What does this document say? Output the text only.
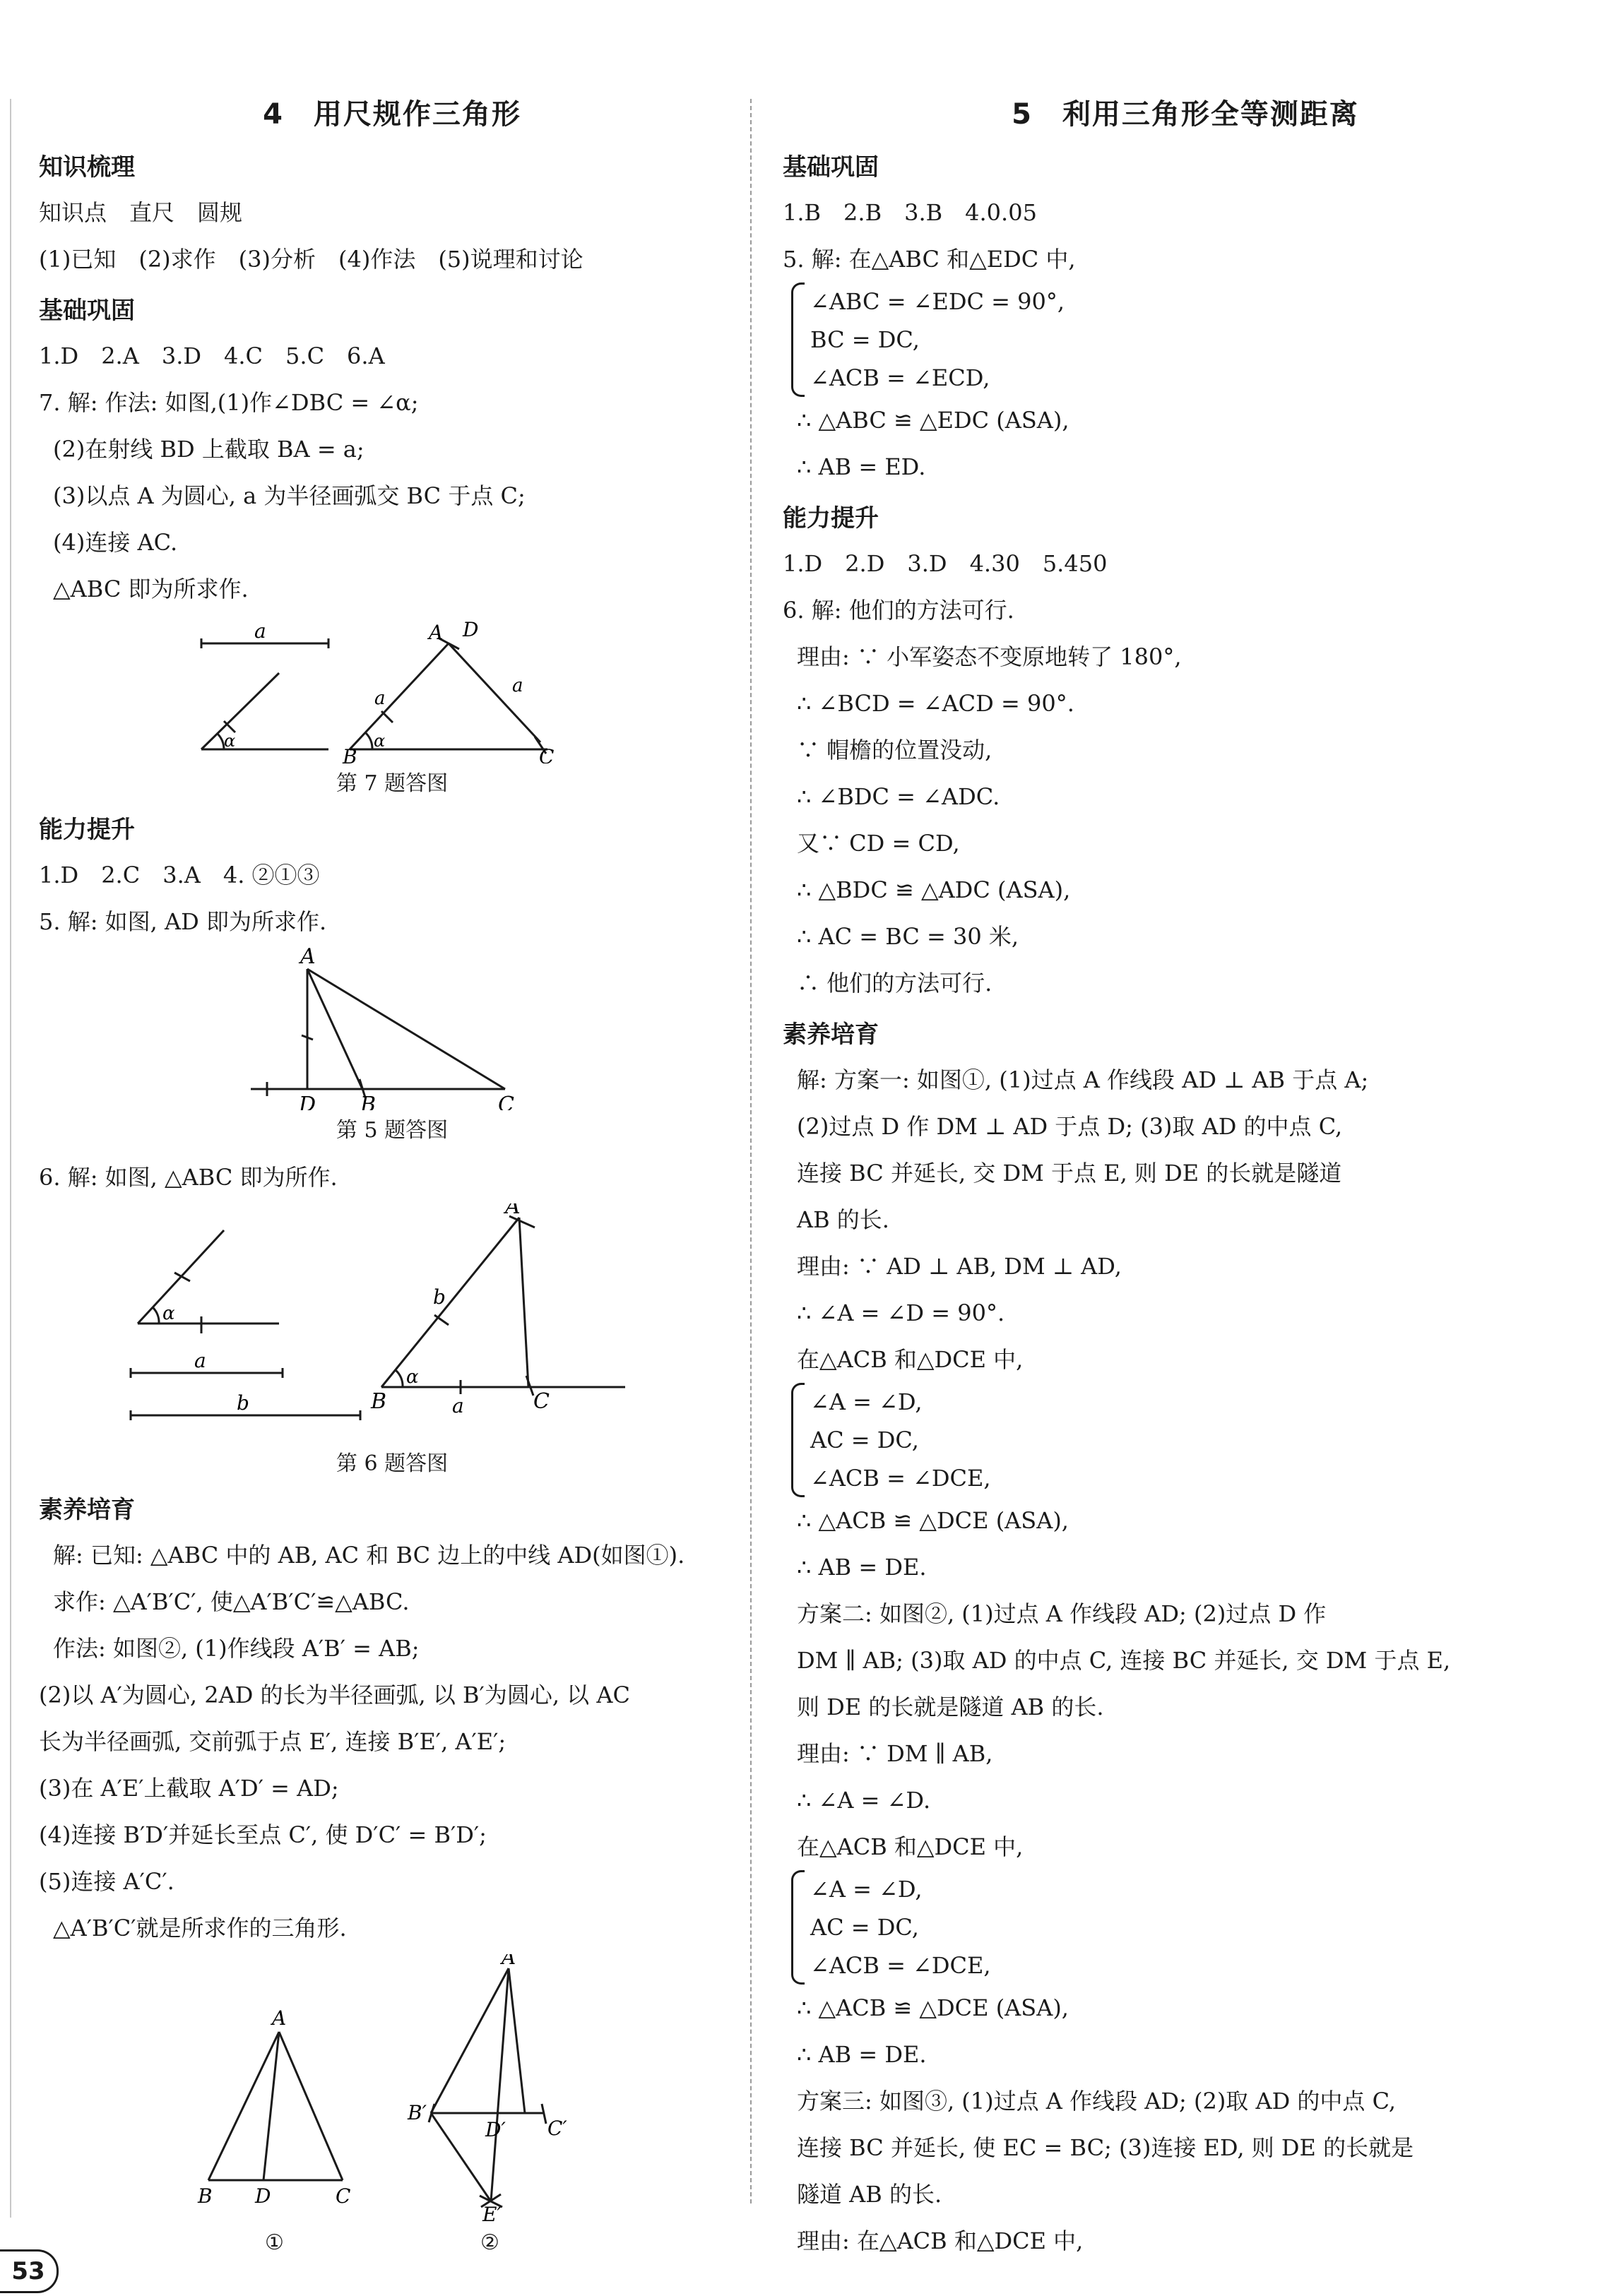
4　用尺规作三角形
知识梳理
知识点　直尺　圆规
(1)已知　(2)求作　(3)分析　(4)作法　(5)说理和讨论
基础巩固
1.D　2.A　3.D　4.C　5.C　6.A
7. 解: 作法: 如图,(1)作∠DBC = ∠α;
(2)在射线 BD 上截取 BA = a;
(3)以点 A 为圆心, a 为半径画弧交 BC 于点 C;
(4)连接 AC.
△ABC 即为所求作.
a
α
A D
a
a
α
B	C
第 7 题答图
能力提升
1.D　2.C　3.A　4. ②①③
5. 解: 如图, AD 即为所求作.
A
D B	C
第 5 题答图
6. 解: 如图, △ABC 即为所作.
α
a
b
A
b
α
B	a	C
第 6 题答图
素养培育
解: 已知: △ABC 中的 AB, AC 和 BC 边上的中线 AD(如图①).
求作: △A′B′C′, 使△A′B′C′≌△ABC.
作法: 如图②, (1)作线段 A′B′ = AB;
(2)以 A′为圆心, 2AD 的长为半径画弧, 以 B′为圆心, 以 AC
长为半径画弧, 交前弧于点 E′, 连接 B′E′, A′E′;
(3)在 A′E′上截取 A′D′ = AD;
(4)连接 B′D′并延长至点 C′, 使 D′C′ = B′D′;
(5)连接 A′C′.
△A′B′C′就是所求作的三角形.
A
B D	C
A′
B′
D′ C′
E′
①	②
5　利用三角形全等测距离
基础巩固
1.B　2.B　3.B　4.0.05
5. 解: 在△ABC 和△EDC 中,
∠ABC = ∠EDC = 90°,
BC = DC,
∠ACB = ∠ECD,
∴ △ABC ≌ △EDC (ASA),
∴ AB = ED.
能力提升
1.D　2.D　3.D　4.30　5.450
6. 解: 他们的方法可行.
理由: ∵ 小军姿态不变原地转了 180°,
∴ ∠BCD = ∠ACD = 90°.
∵ 帽檐的位置没动,
∴ ∠BDC = ∠ADC.
又∵ CD = CD,
∴ △BDC ≌ △ADC (ASA),
∴ AC = BC = 30 米,
∴ 他们的方法可行.
素养培育
解: 方案一: 如图①, (1)过点 A 作线段 AD ⊥ AB 于点 A;
(2)过点 D 作 DM ⊥ AD 于点 D; (3)取 AD 的中点 C,
连接 BC 并延长, 交 DM 于点 E, 则 DE 的长就是隧道
AB 的长.
理由: ∵ AD ⊥ AB, DM ⊥ AD,
∴ ∠A = ∠D = 90°.
在△ACB 和△DCE 中,
∠A = ∠D,
AC = DC,
∠ACB = ∠DCE,
∴ △ACB ≌ △DCE (ASA),
∴ AB = DE.
方案二: 如图②, (1)过点 A 作线段 AD; (2)过点 D 作
DM ∥ AB; (3)取 AD 的中点 C, 连接 BC 并延长, 交 DM 于点 E,
则 DE 的长就是隧道 AB 的长.
理由: ∵ DM ∥ AB,
∴ ∠A = ∠D.
在△ACB 和△DCE 中,
∠A = ∠D,
AC = DC,
∠ACB = ∠DCE,
∴ △ACB ≌ △DCE (ASA),
∴ AB = DE.
方案三: 如图③, (1)过点 A 作线段 AD; (2)取 AD 的中点 C,
连接 BC 并延长, 使 EC = BC; (3)连接 ED, 则 DE 的长就是
隧道 AB 的长.
理由: 在△ACB 和△DCE 中,
53
